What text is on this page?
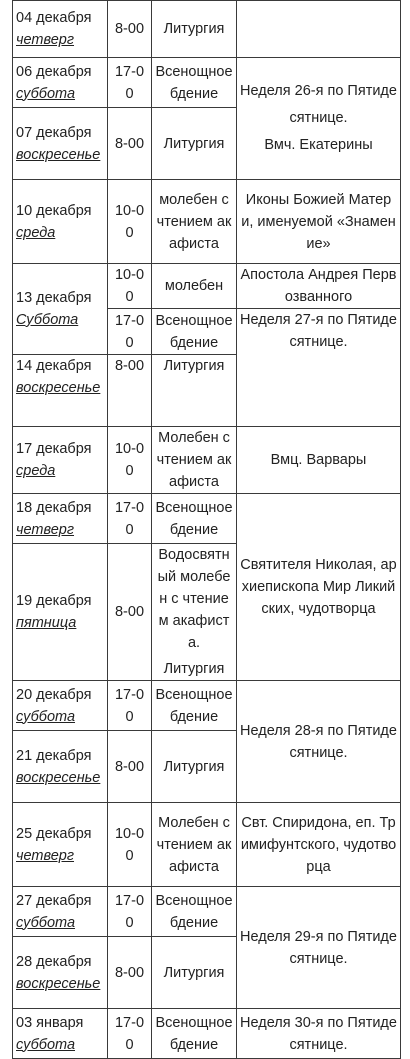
04 декабря
четверг	8-00	Литургия	

06 декабря
суббота	17-00	Всенощное бдение	Неделя 26-я по Пятидесятнице.
Вмч. Екатерины

07 декабря
воскресенье	8-00	Литургия	

10 декабря
среда	10-00	молебен с чтением акафиста	Иконы Божией Матери, именуемой «Знамение»

13 декабря
Суббота	10-00	молебен	Апостола Андрея Первозванного
	17-00	Всенощное бдение	Неделя 27-я по Пятидесятнице.

14 декабря
воскресенье	8-00	Литургия	

17 декабря
среда	10-00	Молебен с чтением акафиста	Вмц. Варвары

18 декабря
четверг	17-00	Всенощное бдение	Святителя Николая, архиепископа Мир Ликийских, чудотворца

19 декабря
пятница	8-00	Водосвятный молебен с чтением акафиста.
Литургия	

20 декабря
суббота	17-00	Всенощное бдение	Неделя 28-я по Пятидесятнице.

21 декабря
воскресенье	8-00	Литургия	

25 декабря
четверг	10-00	Молебен с чтением акафиста	Свт. Спиридона, еп. Тримифунтского, чудотворца

27 декабря
суббота	17-00	Всенощное бдение	Неделя 29-я по Пятидесятнице.

28 декабря
воскресенье	8-00	Литургия	

03 января
суббота	17-00	Всенощное бдение	Неделя 30-я по Пятидесятнице.
